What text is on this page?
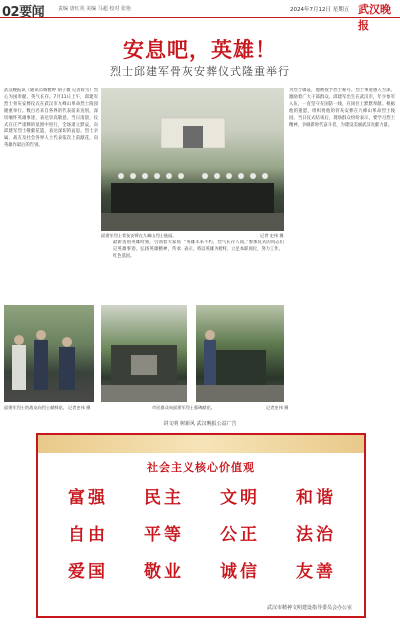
02要闻	责编 唐红英 美编 马超 校对 张艳	2024年7月12日 星期五 武汉晚报
安息吧，英雄！
烈士邱建军骨灰安葬仪式隆重举行
武汉晚报讯（通讯员杨雅婷 胡子薇 记者蒋雪）烈心为国奉献，英气长存。7月11日上午，邱建军烈士骨灰安葬仪式在武汉市九峰山革命烈士陵园隆重举行。数百名来自各界的代表前来送别，深切缅怀英雄事迹，表达崇高敬意。当日清晨，仪式在庄严肃穆的氛围中进行，全场肃立默哀，向邱建军烈士敬献花篮，表达深切的哀思。烈士亲属、战友及社会各界人士代表依次上前献花，向英雄作最后的告别。
邱建军烈士骨灰安葬在九峰山烈士陵园。	记者 史伟 摄
最新送别英雄时刻，引领着大家铭记英雄事迹，弘扬英雄精神，传承红色基因。
“英雄未来不朽，烈气长存人间。”参加仪式的同志们表示，将以英雄为榜样，立足本职岗位，努力工作。
为烈士敬哀，他被授予烈士称号。烈士事迹感人至深，激励着广大干部群众。邱建军出生在武汉市，年少参军入伍，一直坚守在国防一线，在岗位上默默奉献。根据他的遗愿，组织将他的骨灰安葬在九峰山革命烈士陵园。当日仪式结束后，现场群众纷纷表示，要学习烈士精神，争做新时代奋斗者，为建设美丽武汉贡献力量。
邱建军烈士的战友向烈士献鲜花。 记者史伟 摄	市民群众向邱建军烈士墓碑献花。	记者史伟 摄
讲文明 树新风 武汉晚报公益广告
社会主义核心价值观
富强 民主 文明 和谐
自由 平等 公正 法治
爱国 敬业 诚信 友善
武汉市精神文明建设指导委员会办公室
